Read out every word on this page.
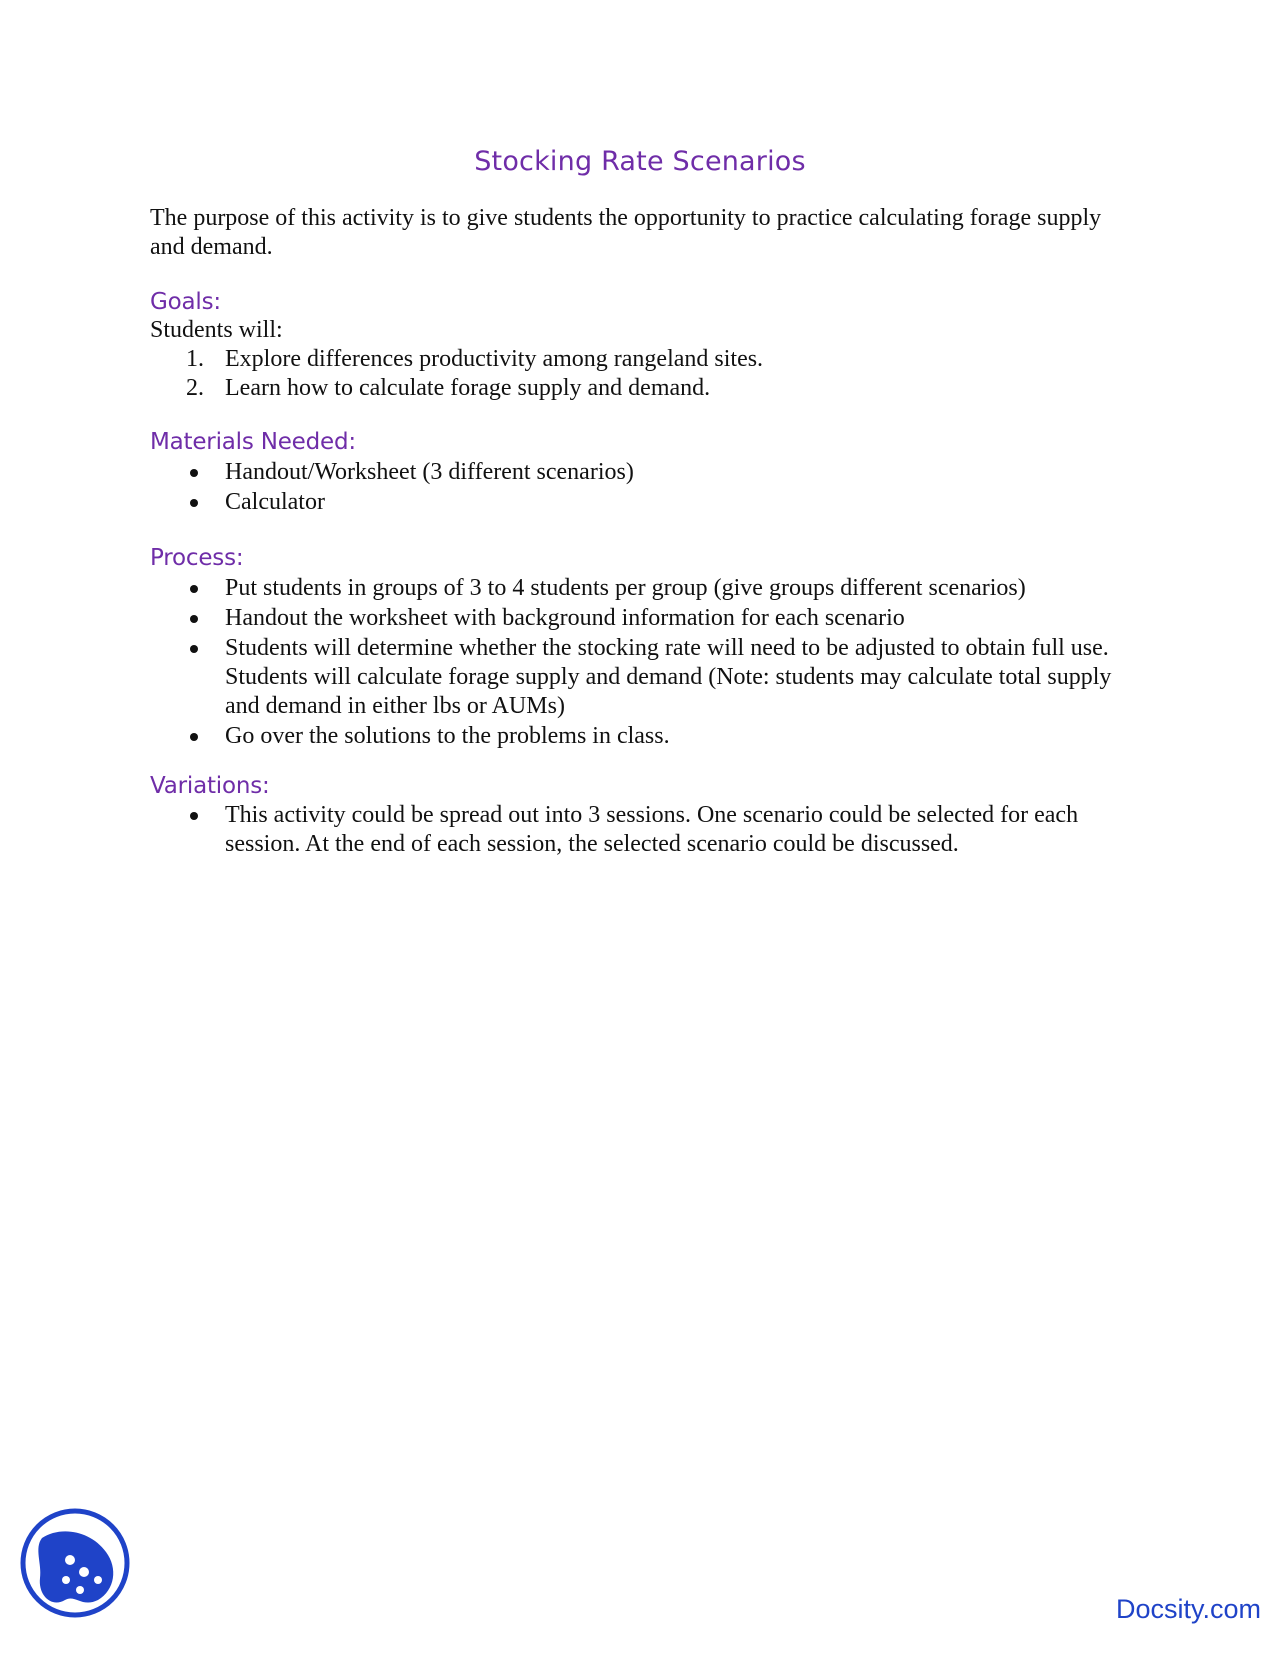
Stocking Rate Scenarios
The purpose of this activity is to give students the opportunity to practice calculating forage supply and demand.
Goals:
Students will:
1. Explore differences productivity among rangeland sites.
2. Learn how to calculate forage supply and demand.
Materials Needed:
Handout/Worksheet (3 different scenarios)
Calculator
Process:
Put students in groups of 3 to 4 students per group (give groups different scenarios)
Handout the worksheet with background information for each scenario
Students will determine whether the stocking rate will need to be adjusted to obtain full use. Students will calculate forage supply and demand (Note: students may calculate total supply and demand in either lbs or AUMs)
Go over the solutions to the problems in class.
Variations:
This activity could be spread out into 3 sessions. One scenario could be selected for each session. At the end of each session, the selected scenario could be discussed.
Docsity.com
